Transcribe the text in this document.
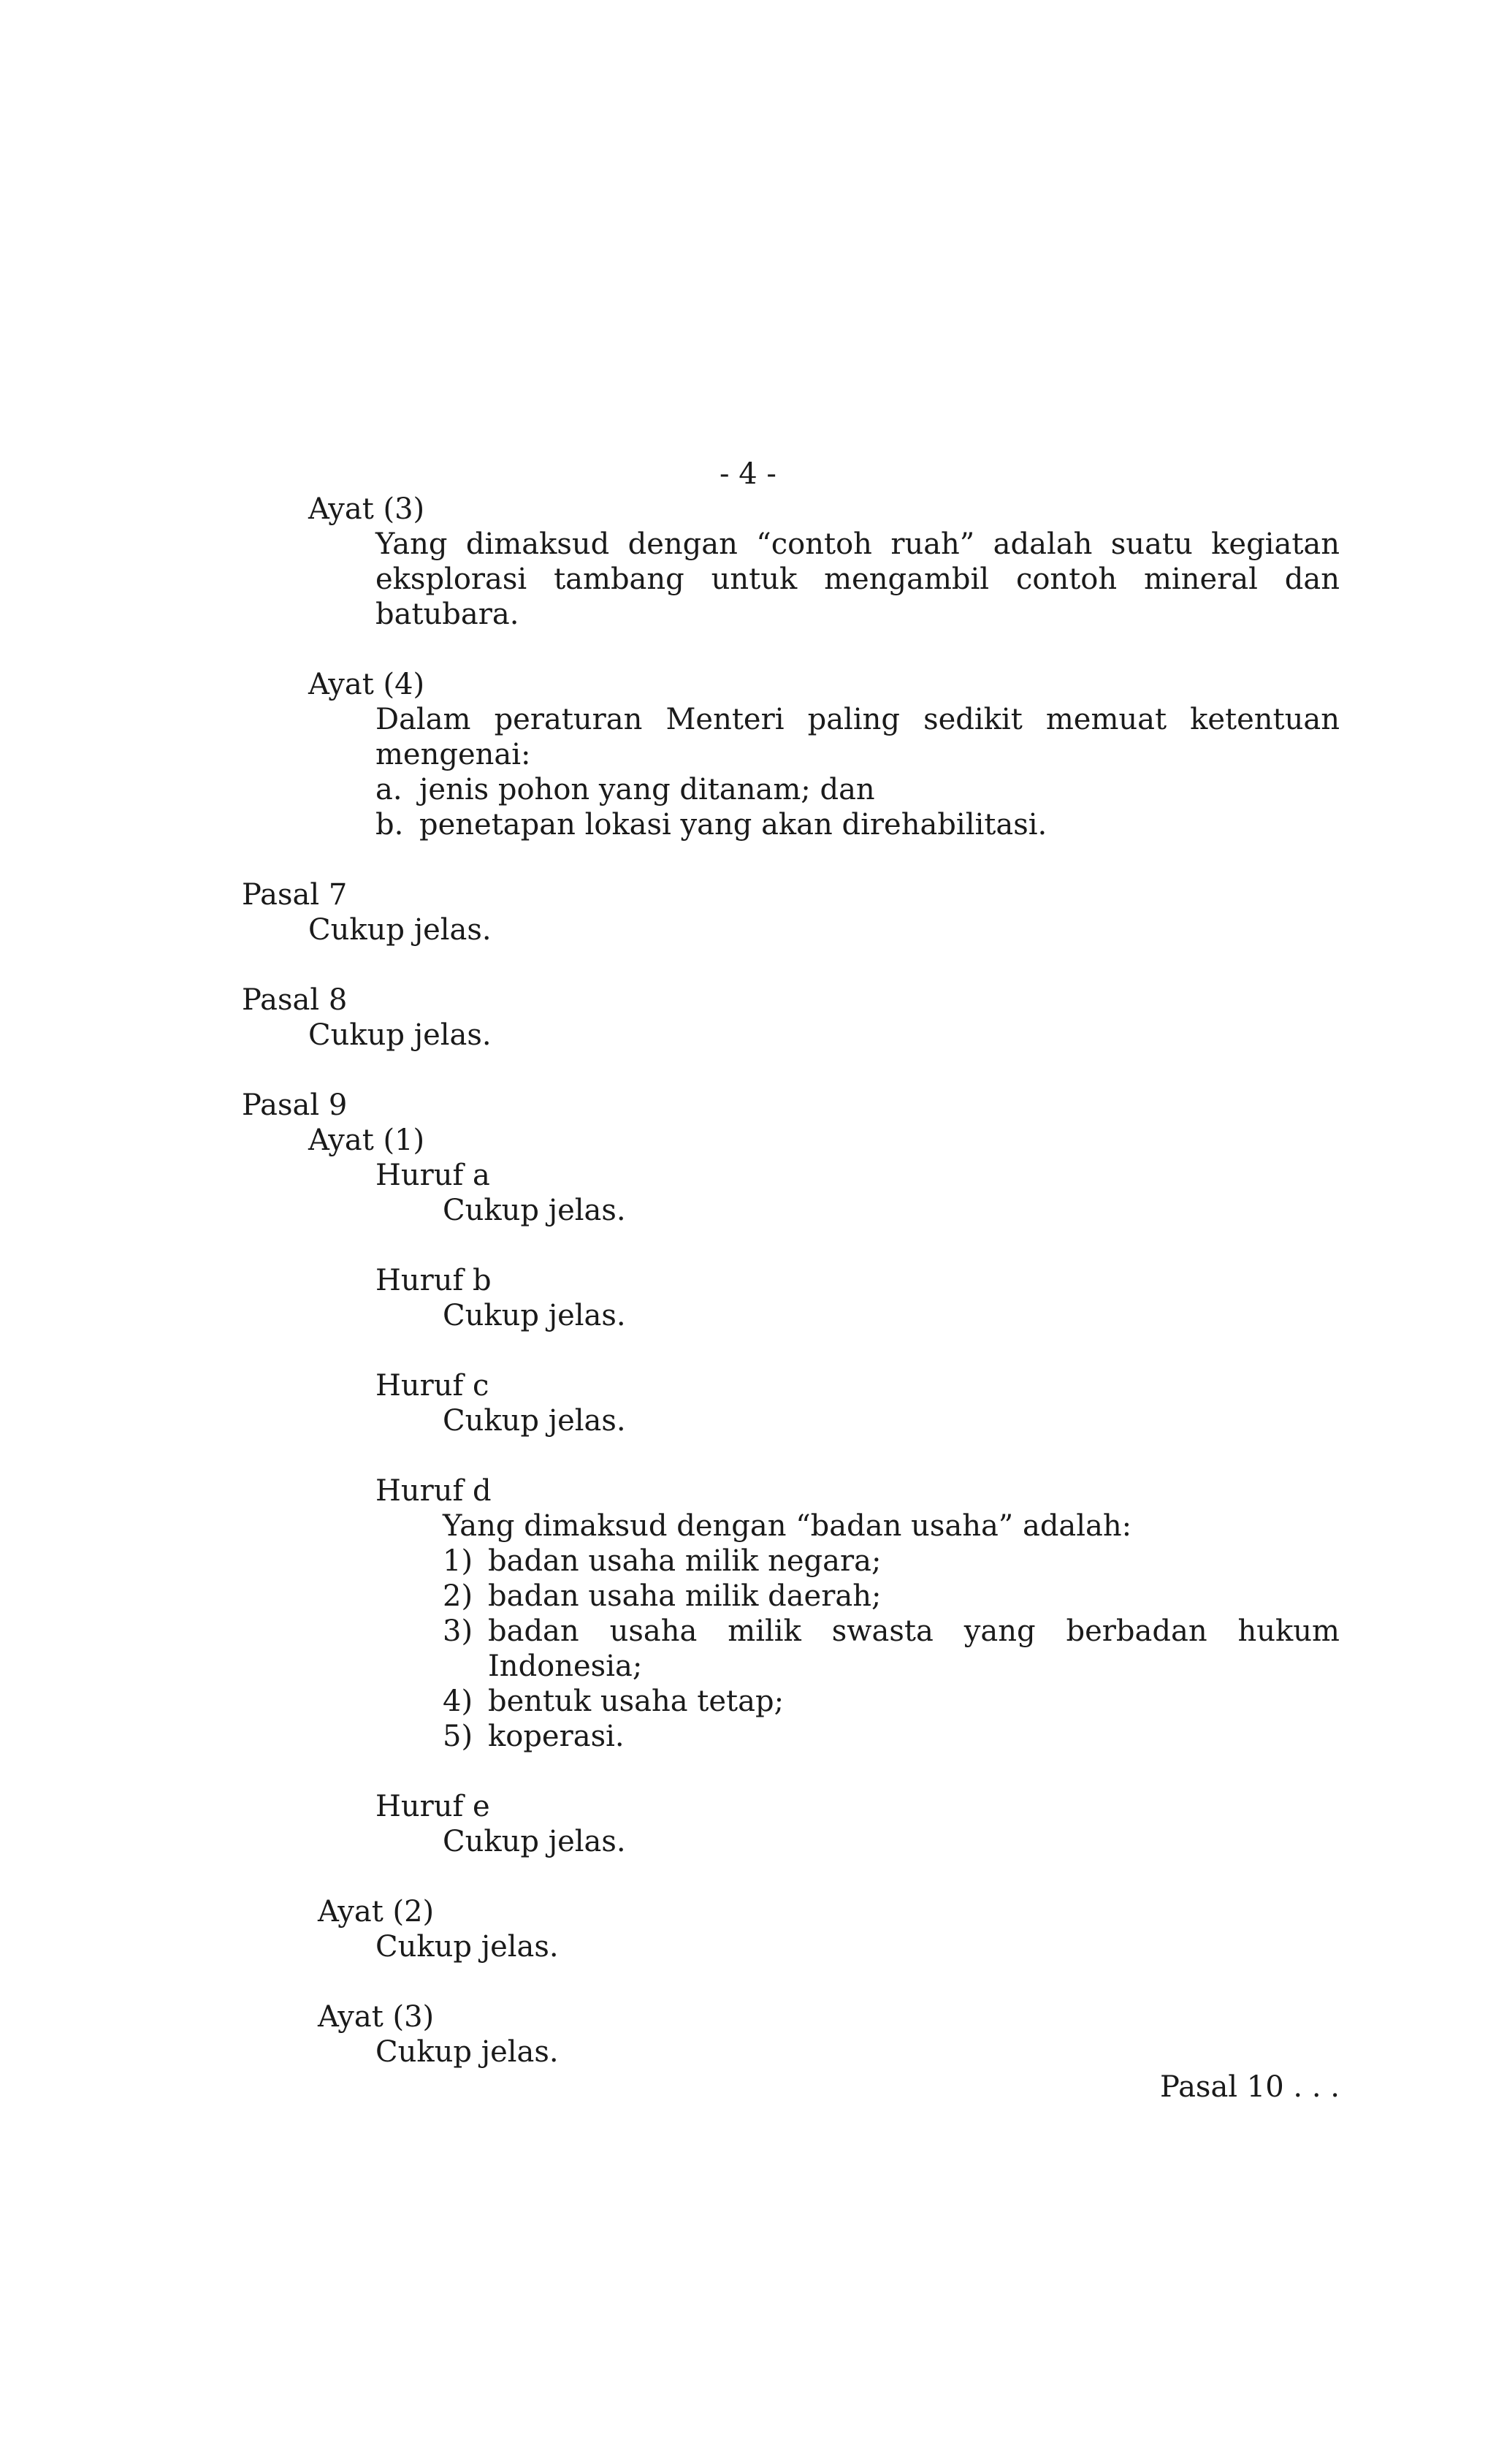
- 4 -
Ayat (3)
Yang dimaksud dengan “contoh ruah” adalah suatu kegiatan
eksplorasi tambang untuk mengambil contoh mineral dan
batubara.
Ayat (4)
Dalam peraturan Menteri paling sedikit memuat ketentuan
mengenai:
a. jenis pohon yang ditanam; dan
b. penetapan lokasi yang akan direhabilitasi.
Pasal 7
Cukup jelas.
Pasal 8
Cukup jelas.
Pasal 9
Ayat (1)
Huruf a
Cukup jelas.
Huruf b
Cukup jelas.
Huruf c
Cukup jelas.
Huruf d
Yang dimaksud dengan “badan usaha” adalah:
1) badan usaha milik negara;
2) badan usaha milik daerah;
3) badan usaha milik swasta yang berbadan hukum
Indonesia;
4) bentuk usaha tetap;
5) koperasi.
Huruf e
Cukup jelas.
Ayat (2)
Cukup jelas.
Ayat (3)
Cukup jelas.
Pasal 10 . . .
